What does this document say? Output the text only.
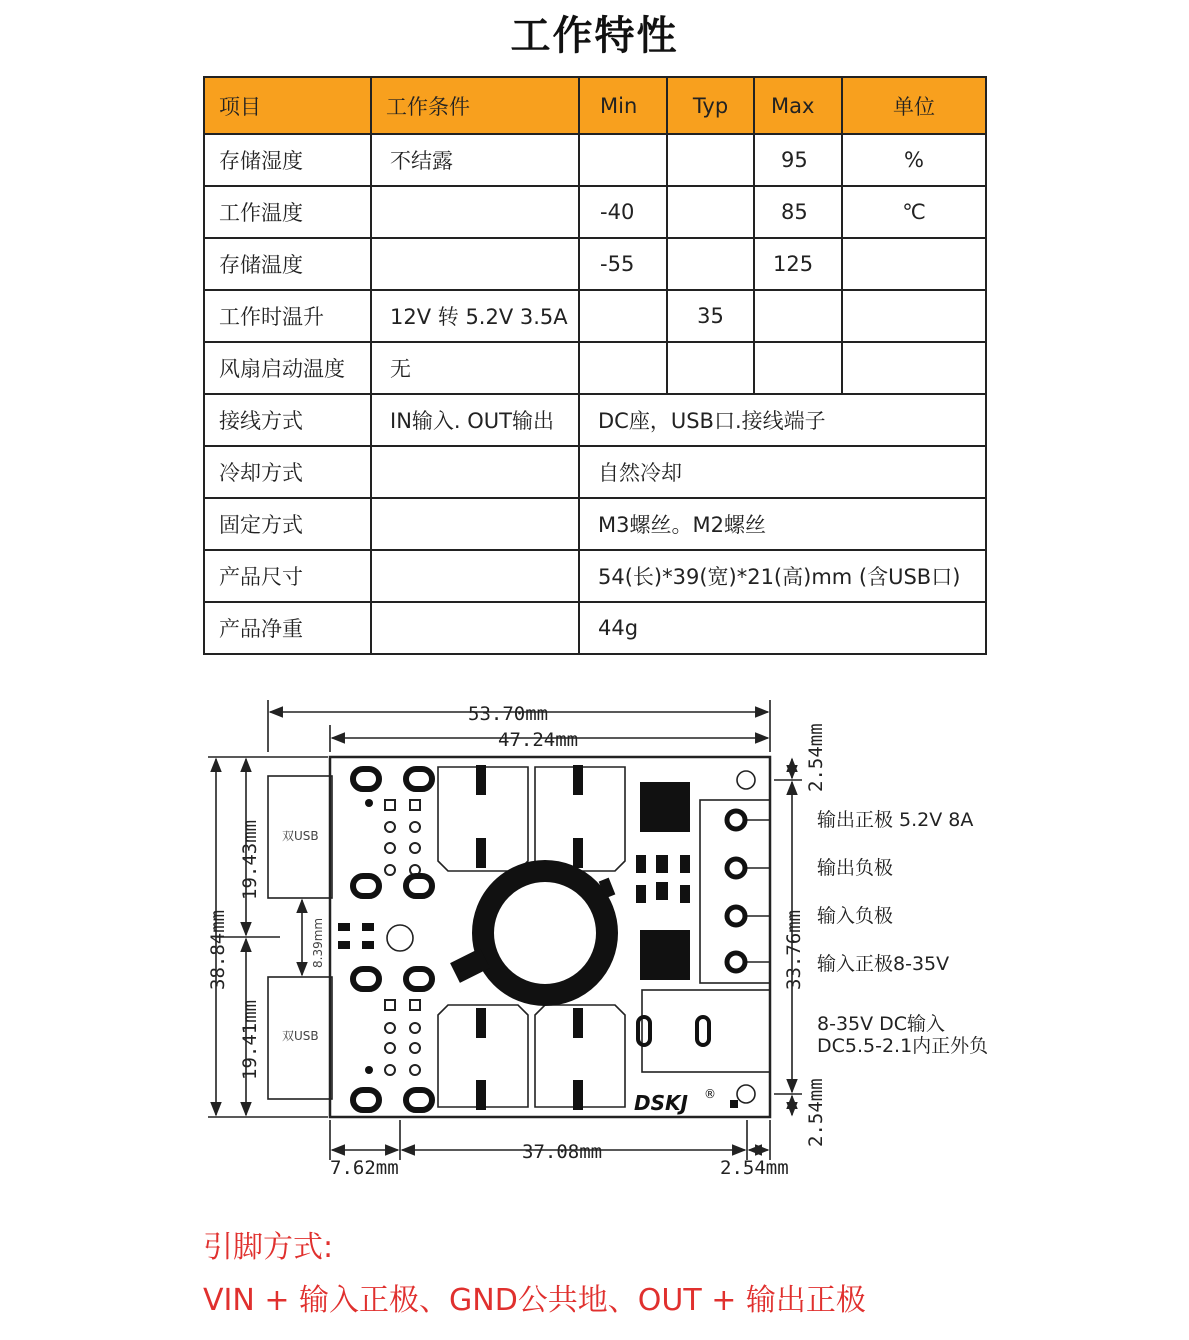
工作特性
项目	工作条件	Min	Typ	Max	单位
存储湿度	不结露			95	%
工作温度		-40		85	℃
存储温度		-55		125	
工作时温升	12V 转 5.2V 3.5A		35		
风扇启动温度	无				
接线方式	IN输入. OUT输出	DC座，USB口.接线端子			
冷却方式		自然冷却			
固定方式		M3螺丝。M2螺丝			
产品尺寸		54(长)*39(宽)*21(高)mm (含USB口)			
产品净重		44g			
53.70mm
47.24mm	2.54mm
33.76mm
2.54mm
38.84mm
19.43mm
19.41mm
8.39mm
7.62mm
37.08mm
2.54mm
双USB
双USB
DSKJ ®
输出正极 5.2V 8A
输出负极
输入负极
输入正极8-35V
8-35V DC输入
DC5.5-2.1内正外负
引脚方式:
VIN + 输入正极、GND公共地、OUT + 输出正极
